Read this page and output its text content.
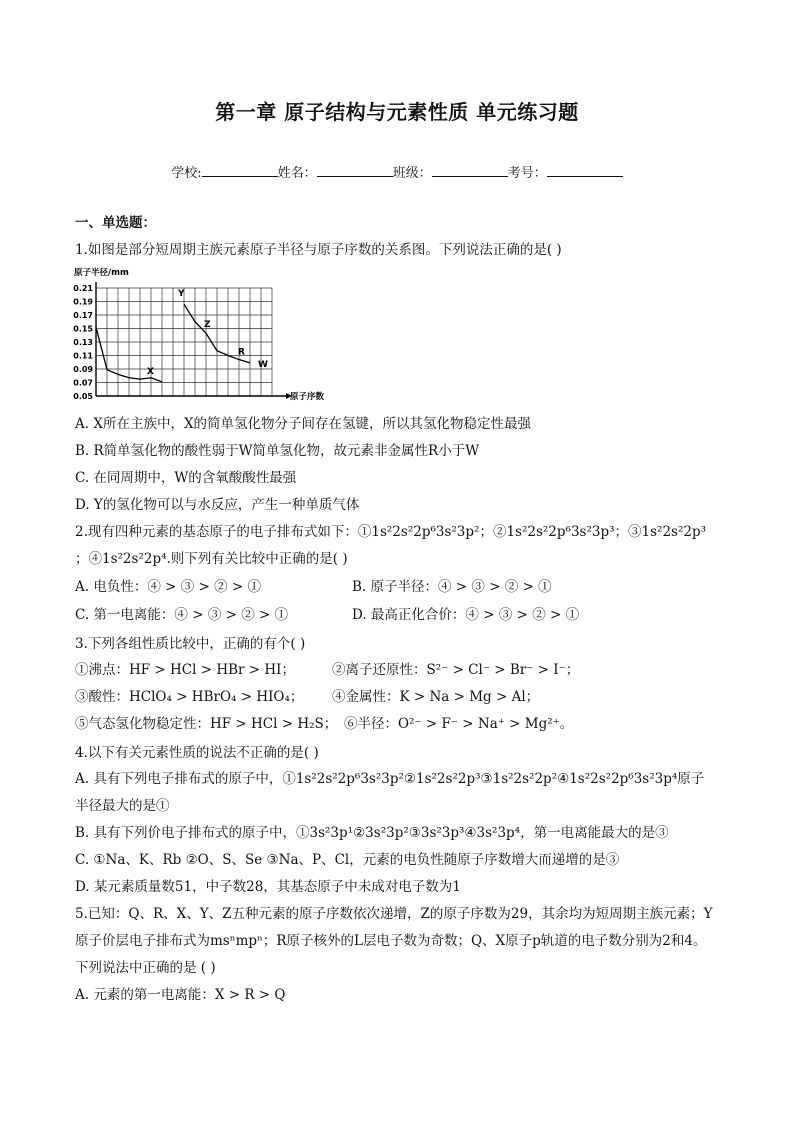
第一章 原子结构与元素性质 单元练习题
学校:	姓名：	班级：	考号：
一、单选题：
1.如图是部分短周期主族元素原子半径与原子序数的关系图。下列说法正确的是( )
0.21
0.19
0.17
0.15
0.13
0.11
0.09
0.07
0.05
原子半径/mm
原子序数
X
Y
Z
R
W
A. X所在主族中，X的简单氢化物分子间存在氢键，所以其氢化物稳定性最强
B. R简单氢化物的酸性弱于W简单氢化物，故元素非金属性R小于W
C. 在同周期中，W的含氧酸酸性最强
D. Y的氢化物可以与水反应，产生一种单质气体
2.现有四种元素的基态原子的电子排布式如下：①1s²2s²2p⁶3s²3p²；②1s²2s²2p⁶3s²3p³；③1s²2s²2p³
；④1s²2s²2p⁴.则下列有关比较中正确的是( )
A. 电负性：④ > ③ > ② > ①	B. 原子半径：④ > ③ > ② > ①
C. 第一电离能：④ > ③ > ② > ①	D. 最高正化合价：④ > ③ > ② > ①
3.下列各组性质比较中，正确的有个( )
①沸点：HF > HCl > HBr > HI；	②离子还原性：S²⁻ > Cl⁻ > Br⁻ > I⁻；
③酸性：HClO₄ > HBrO₄ > HIO₄； ④金属性：K > Na > Mg > Al；
⑤气态氢化物稳定性：HF > HCl > H₂S； ⑥半径：O²⁻ > F⁻ > Na⁺ > Mg²⁺。
4.以下有关元素性质的说法不正确的是( )
A. 具有下列电子排布式的原子中，①1s²2s²2p⁶3s²3p²②1s²2s²2p³③1s²2s²2p²④1s²2s²2p⁶3s²3p⁴原子
半径最大的是①
B. 具有下列价电子排布式的原子中，①3s²3p¹②3s²3p²③3s²3p³④3s²3p⁴，第一电离能最大的是③
C. ①Na、K、Rb ②O、S、Se ③Na、P、Cl，元素的电负性随原子序数增大而递增的是③
D. 某元素质量数51，中子数28，其基态原子中未成对电子数为1
5.已知：Q、R、X、Y、Z五种元素的原子序数依次递增，Z的原子序数为29，其余均为短周期主族元素；Y
原子价层电子排布式为msⁿmpⁿ；R原子核外的L层电子数为奇数；Q、X原子p轨道的电子数分别为2和4。
下列说法中正确的是 ( )
A. 元素的第一电离能：X > R > Q
